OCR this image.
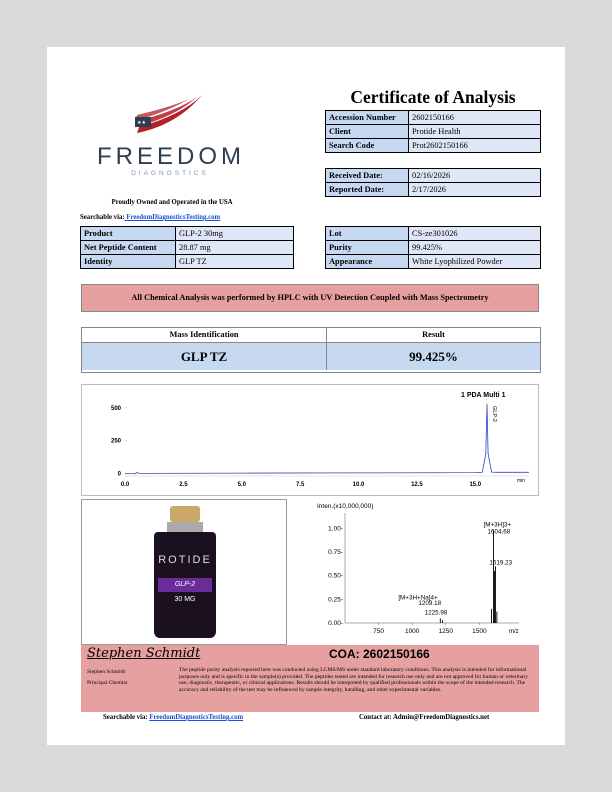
★★
FREEDOM
DIAGNOSTICS
Proudly Owned and Operated in the USA
Searchable via: FreedomDiagnosticsTesting.com
Certificate of Analysis
Accession Number	2602150166
Client	Protide Health
Search Code	Prot2602150166
Received Date:	02/16/2026
Reported Date:	2/17/2026
Product	GLP-2 30mg
Net Peptide Content	28.87 mg
Identity	GLP TZ
Lot	CS-ze301026
Purity	99.425%
Appearance	White Lyophilized Powder
All Chemical Analysis was performed by HPLC with UV Detection Coupled with Mass Spectrometry
Mass Identification	Result
GLP TZ	99.425%
500
250
0
0.0	2.5	5.0	7.5	10.0	12.5	15.0
1 PDA Multi 1
GLP-2
min
ROTIDE
GLP-2
30 MG
Inten.(x10,000,000)
1.00-
0.75-
0.50-
0.25-
0.00-
750	1000	1250	1500
[M+3H]3+
1604.68
1619.23
[M+3H+Na]4+
1209.18
1225.98
m/z
Stephen Schmidt	COA: 2602150166
Stephen Schmidt
Principal Chemist
The peptide purity analysis reported here was conducted using LCMS/MS under standard laboratory conditions. This analysis is intended for informational purposes only and is specific to the sample(s) provided. The peptides tested are intended for research use only and are not approved for human or veterinary use, diagnostic, therapeutic, or clinical applications. Results should be interpreted by qualified professionals within the scope of the intended research. The accuracy and reliability of the test may be influenced by sample integrity, handling, and other experimental variables.
Searchable via: FreedomDiagnosticsTesting.com	Contact at: Admin@FreedomDiagnostics.net
